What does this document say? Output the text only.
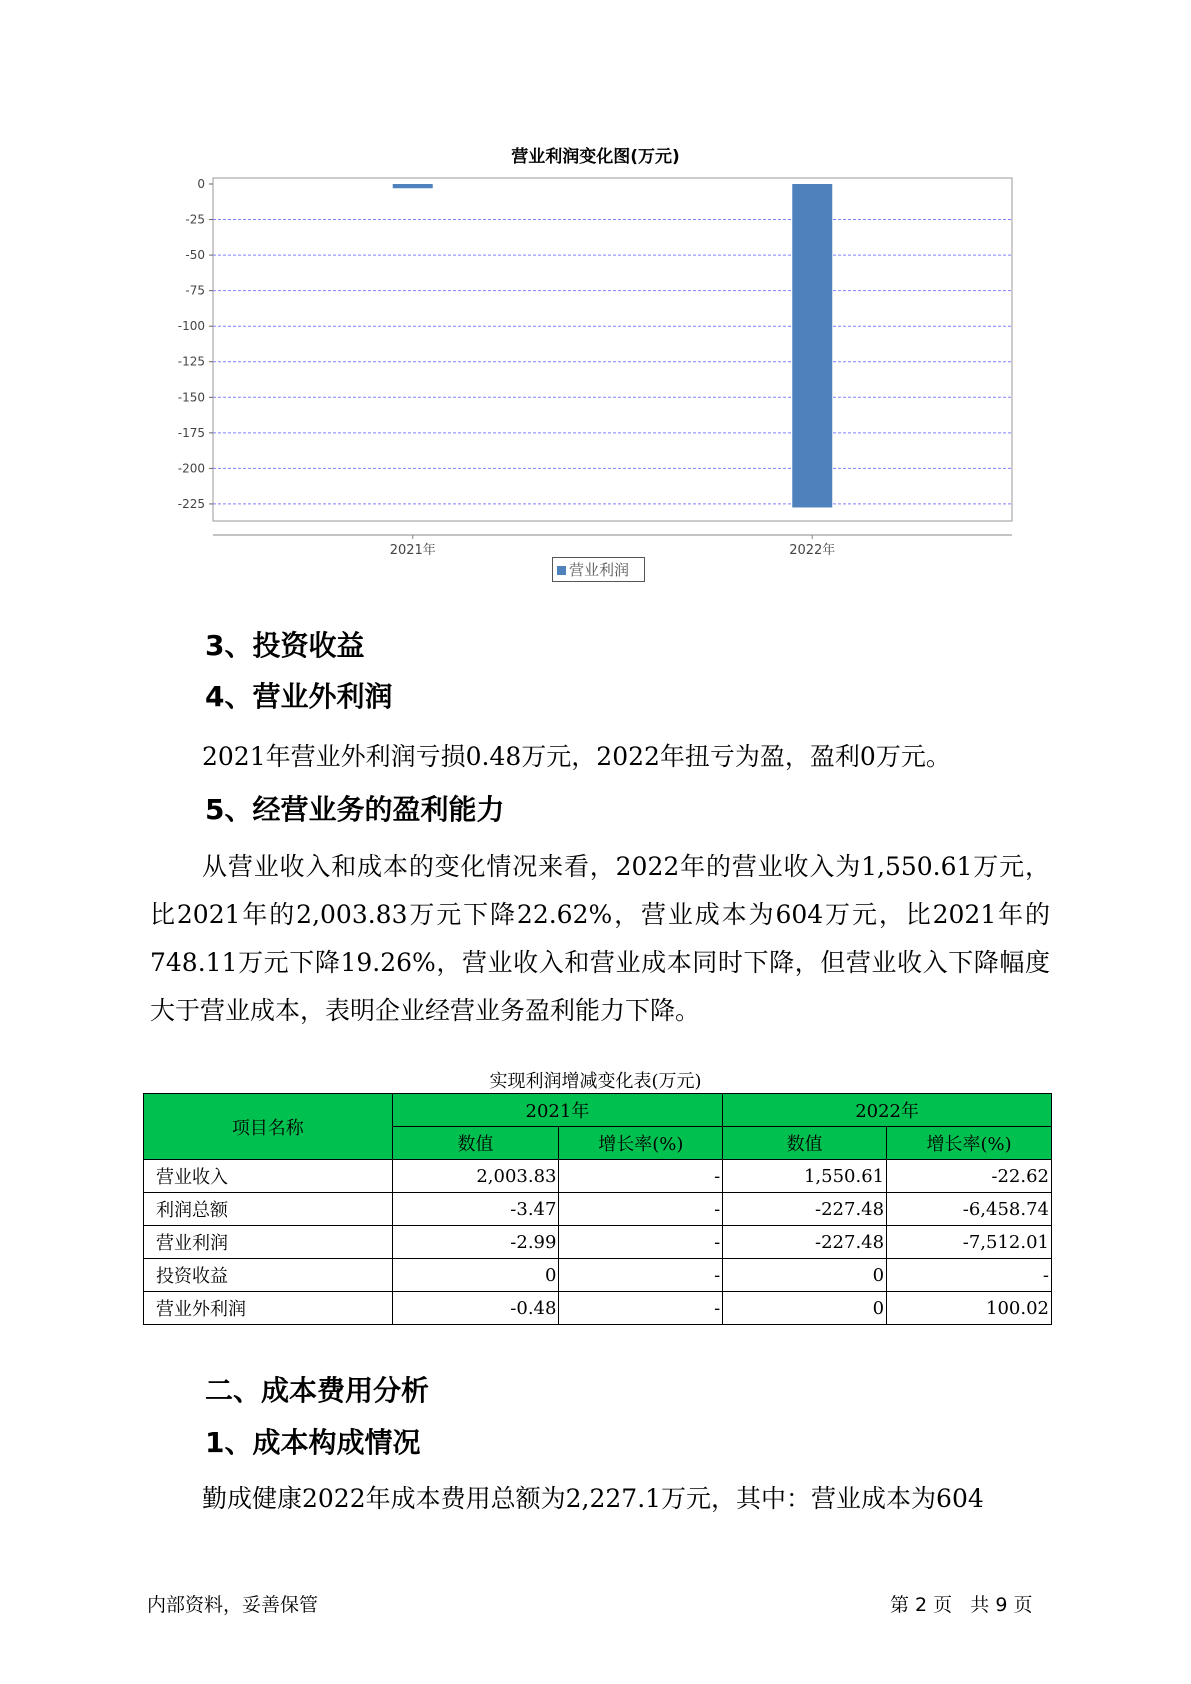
营业利润变化图(万元)
0
-25
-50
-75
-100
-125
-150
-175
-200
-225
2021年	2022年
营业利润
3、投资收益
4、营业外利润
2021年营业外利润亏损0.48万元，2022年扭亏为盈，盈利0万元。
5、经营业务的盈利能力
从营业收入和成本的变化情况来看，2022年的营业收入为1,550.61万元，比2021年的2,003.83万元下降22.62%，营业成本为604万元，比2021年的748.11万元下降19.26%，营业收入和营业成本同时下降，但营业收入下降幅度大于营业成本，表明企业经营业务盈利能力下降。
实现利润增减变化表(万元)
项目名称	2021年		2022年	
	数值	增长率(%)	数值	增长率(%)
营业收入	2,003.83	-	1,550.61	-22.62
利润总额	-3.47	-	-227.48	-6,458.74
营业利润	-2.99	-	-227.48	-7,512.01
投资收益	0	-	0	-
营业外利润	-0.48	-	0	100.02
二、成本费用分析
1、成本构成情况
勤成健康2022年成本费用总额为2,227.1万元，其中：营业成本为604
内部资料，妥善保管	第 2 页   共 9 页
